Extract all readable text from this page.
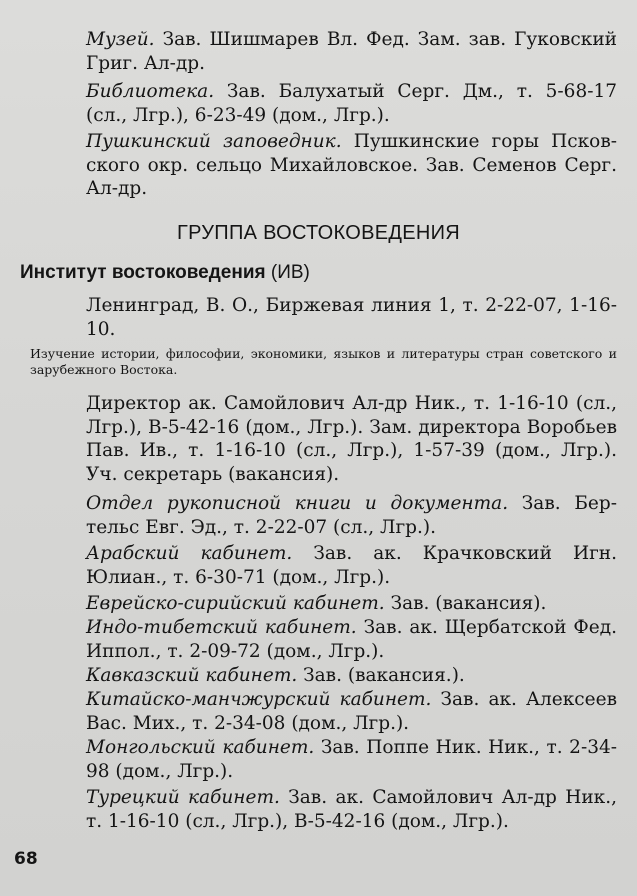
Музей. Зав. Шишмарев Вл. Фед. Зам. зав. Гуковский Григ. Ал-др.
Библиотека. Зав. Балухатый Серг. Дм., т. 5-68-17 (сл., Лгр.), 6-23-49 (дом., Лгр.).
Пушкинский заповедник. Пушкинские горы Псковского окр. сельцо Михайловское. Зав. Семенов Серг. Ал-др.
ГРУППА ВОСТОКОВЕДЕНИЯ
Институт востоковедения (ИВ)
Ленинград, В. О., Биржевая линия 1, т. 2-22-07, 1-16-10.
Изучение истории, философии, экономики, языков и литературы стран советского и зарубежного Востока.
Директор ак. Самойлович Ал-др Ник., т. 1-16-10 (сл., Лгр.), В-5-42-16 (дом., Лгр.). Зам. директора Воробьев Пав. Ив., т. 1-16-10 (сл., Лгр.), 1-57-39 (дом., Лгр.). Уч. секретарь (вакансия).
Отдел рукописной книги и документа. Зав. Бертельс Евг. Эд., т. 2-22-07 (сл., Лгр.).
Арабский кабинет. Зав. ак. Крачковский Игн. Юлиан., т. 6-30-71 (дом., Лгр.).
Еврейско-сирийский кабинет. Зав. (вакансия).
Индо-тибетский кабинет. Зав. ак. Щербатской Фед. Иппол., т. 2-09-72 (дом., Лгр.).
Кавказский кабинет. Зав. (вакансия.).
Китайско-манчжурский кабинет. Зав. ак. Алексеев Вас. Мих., т. 2-34-08 (дом., Лгр.).
Монгольский кабинет. Зав. Поппе Ник. Ник., т. 2-34-98 (дом., Лгр.).
Турецкий кабинет. Зав. ак. Самойлович Ал-др Ник., т. 1-16-10 (сл., Лгр.), В-5-42-16 (дом., Лгр.).
68
